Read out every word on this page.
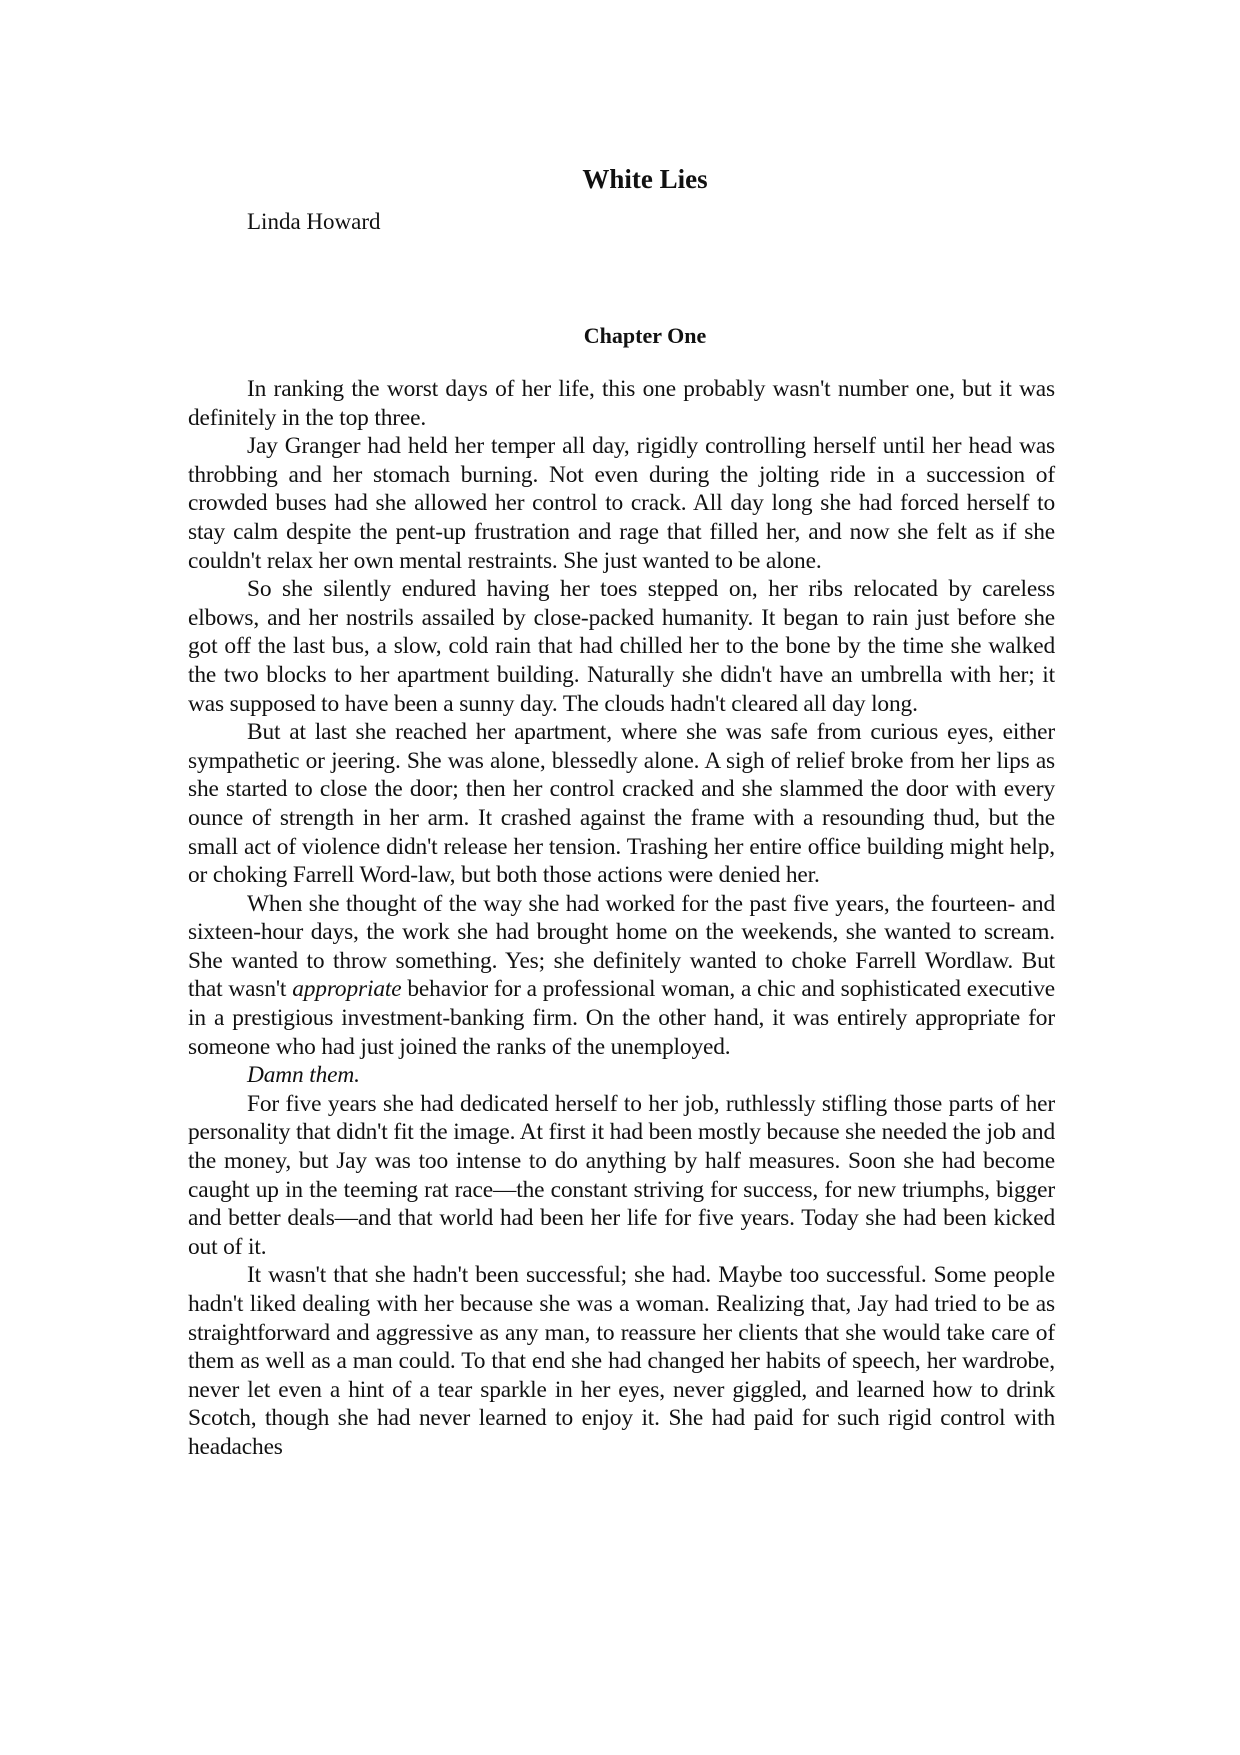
White Lies
Linda Howard
Chapter One

In ranking the worst days of her life, this one probably wasn't number one, but it was definitely in the top three.

Jay Granger had held her temper all day, rigidly controlling herself until her head was throbbing and her stomach burning. Not even during the jolting ride in a succession of crowded buses had she allowed her control to crack. All day long she had forced herself to stay calm despite the pent-up frustration and rage that filled her, and now she felt as if she couldn't relax her own mental restraints. She just wanted to be alone.

So she silently endured having her toes stepped on, her ribs relocated by careless elbows, and her nostrils assailed by close-packed humanity. It began to rain just before she got off the last bus, a slow, cold rain that had chilled her to the bone by the time she walked the two blocks to her apartment building. Naturally she didn't have an umbrella with her; it was supposed to have been a sunny day. The clouds hadn't cleared all day long.

But at last she reached her apartment, where she was safe from curious eyes, either sympathetic or jeering. She was alone, blessedly alone. A sigh of relief broke from her lips as she started to close the door; then her control cracked and she slammed the door with every ounce of strength in her arm. It crashed against the frame with a resounding thud, but the small act of violence didn't release her tension. Trashing her entire office building might help, or choking Farrell Word-law, but both those actions were denied her.

When she thought of the way she had worked for the past five years, the fourteen- and sixteen-hour days, the work she had brought home on the weekends, she wanted to scream. She wanted to throw something. Yes; she definitely wanted to choke Farrell Wordlaw. But that wasn't appropriate behavior for a professional woman, a chic and sophisticated executive in a prestigious investment-banking firm. On the other hand, it was entirely appropriate for someone who had just joined the ranks of the unemployed.

Damn them.

For five years she had dedicated herself to her job, ruthlessly stifling those parts of her personality that didn't fit the image. At first it had been mostly because she needed the job and the money, but Jay was too intense to do anything by half measures. Soon she had become caught up in the teeming rat race—the constant striving for success, for new triumphs, bigger and better deals—and that world had been her life for five years. Today she had been kicked out of it.

It wasn't that she hadn't been successful; she had. Maybe too successful. Some people hadn't liked dealing with her because she was a woman. Realizing that, Jay had tried to be as straightforward and aggressive as any man, to reassure her clients that she would take care of them as well as a man could. To that end she had changed her habits of speech, her wardrobe, never let even a hint of a tear sparkle in her eyes, never giggled, and learned how to drink Scotch, though she had never learned to enjoy it. She had paid for such rigid control with headaches
